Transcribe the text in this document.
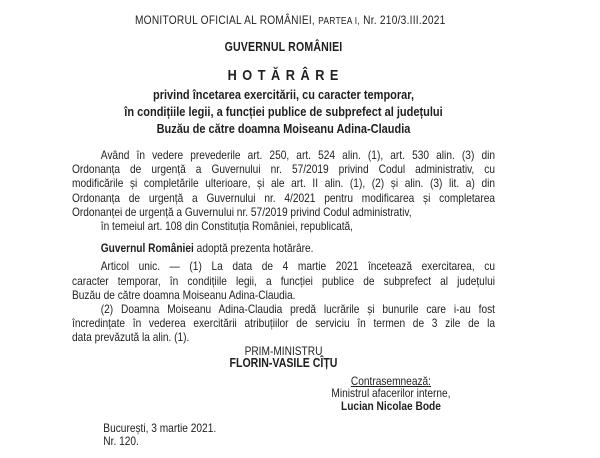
MONITORUL OFICIAL AL ROMÂNIEI, PARTEA I, Nr. 210/3.III.2021
GUVERNUL ROMÂNIEI
H O T Ă R Â R E
privind încetarea exercitării, cu caracter temporar,
în condițiile legii, a funcției publice de subprefect al județului
Buzău de către doamna Moiseanu Adina-Claudia
Având în vedere prevederile art. 250, art. 524 alin. (1), art. 530 alin. (3) din
Ordonanța de urgență a Guvernului nr. 57/2019 privind Codul administrativ, cu
modificările și completările ulterioare, și ale art. II alin. (1), (2) și alin. (3) lit. a) din
Ordonanța de urgență a Guvernului nr. 4/2021 pentru modificarea și completarea
Ordonanței de urgență a Guvernului nr. 57/2019 privind Codul administrativ,
în temeiul art. 108 din Constituția României, republicată,
Guvernul României adoptă prezenta hotărâre.
Articol unic. — (1) La data de 4 martie 2021 încetează exercitarea, cu
caracter temporar, în condițiile legii, a funcției publice de subprefect al județului
Buzău de către doamna Moiseanu Adina-Claudia.
(2) Doamna Moiseanu Adina-Claudia predă lucrările și bunurile care i-au fost
încredințate în vederea exercitării atribuțiilor de serviciu în termen de 3 zile de la
data prevăzută la alin. (1).
PRIM-MINISTRU
FLORIN-VASILE CÎȚU
Contrasemnează:
Ministrul afacerilor interne,
Lucian Nicolae Bode
București, 3 martie 2021.
Nr. 120.
